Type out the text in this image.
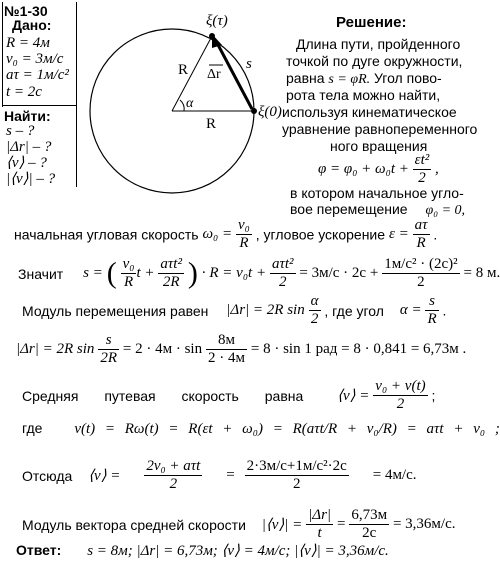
№1-30
Дано:
R = 4м
v₀ = 3м/с
aτ = 1м/с²
t = 2c
Найти:
s – ?
|Δr| – ?
⟨v⟩ – ?
|⟨v⟩| – ?
ξ(τ)
ξ(0)
R
R
s
Δr
α
Решение:
Длина пути, пройденного
точкой по дуге окружности,
равна s = φR. Угол пово-
рота тела можно найти,
используя кинематическое
уравнение равнопеременного
ного вращения
$\varphi = \varphi_0 + \omega_0t + \frac{\text{εt²}}{2}$ ,
в котором начальное угло-
вое перемещение φ₀ = 0,
начальная угловая скорость $\omega_0 = \frac{\text{v₀}}{R}$ , угловое ускорение $\varepsilon = \frac{a\tau}{R}$ .
Значит s = ( $\frac{\text{v₀}}{R}$ $t + \frac{\text{aτt²}}{2R}$ ) · $R = v_0t + \frac{\text{aτt²}}{2} = 3м/с \cdot 2с + \frac{\text{1м/с² · (2с)²}}{2} = 8$ м.
Модуль перемещения равен |Δr| = 2R $\sin \frac{\alpha}{2}$ , где угол $\alpha = \frac{s}{R}$ .
|Δr| = 2R $\sin \frac{s}{2R} = 2 \cdot 4м \cdot \sin \frac{8м}{2 \cdot 4м} = 8 \cdot \sin 1$ рад = 8 · 0,841 = 6,73м .
Средняя путевая скорость равна ⟨v⟩ = $\frac{\text{v₀ + v(t)}}{2}$ ;
где v(t) = Rω(t) = R(εt + ω₀) = R(aτt/R + v₀/R) = aτt + v₀ ;
Отсюда ⟨v⟩ = $\frac{\text{2v₀ + aτt}}{2} = \frac{\text{2·3м/с+1м/с²·2с}}{2} = 4м/с$.
Модуль вектора средней скорости |⟨v⟩| = $\frac{|\Delta r|}{t} = \frac{6,73м}{2с} = 3,36м/с$.
Ответ: s = 8м; |Δr| = 6,73м; ⟨v⟩ = 4м/с; |⟨v⟩| = 3,36м/с.
